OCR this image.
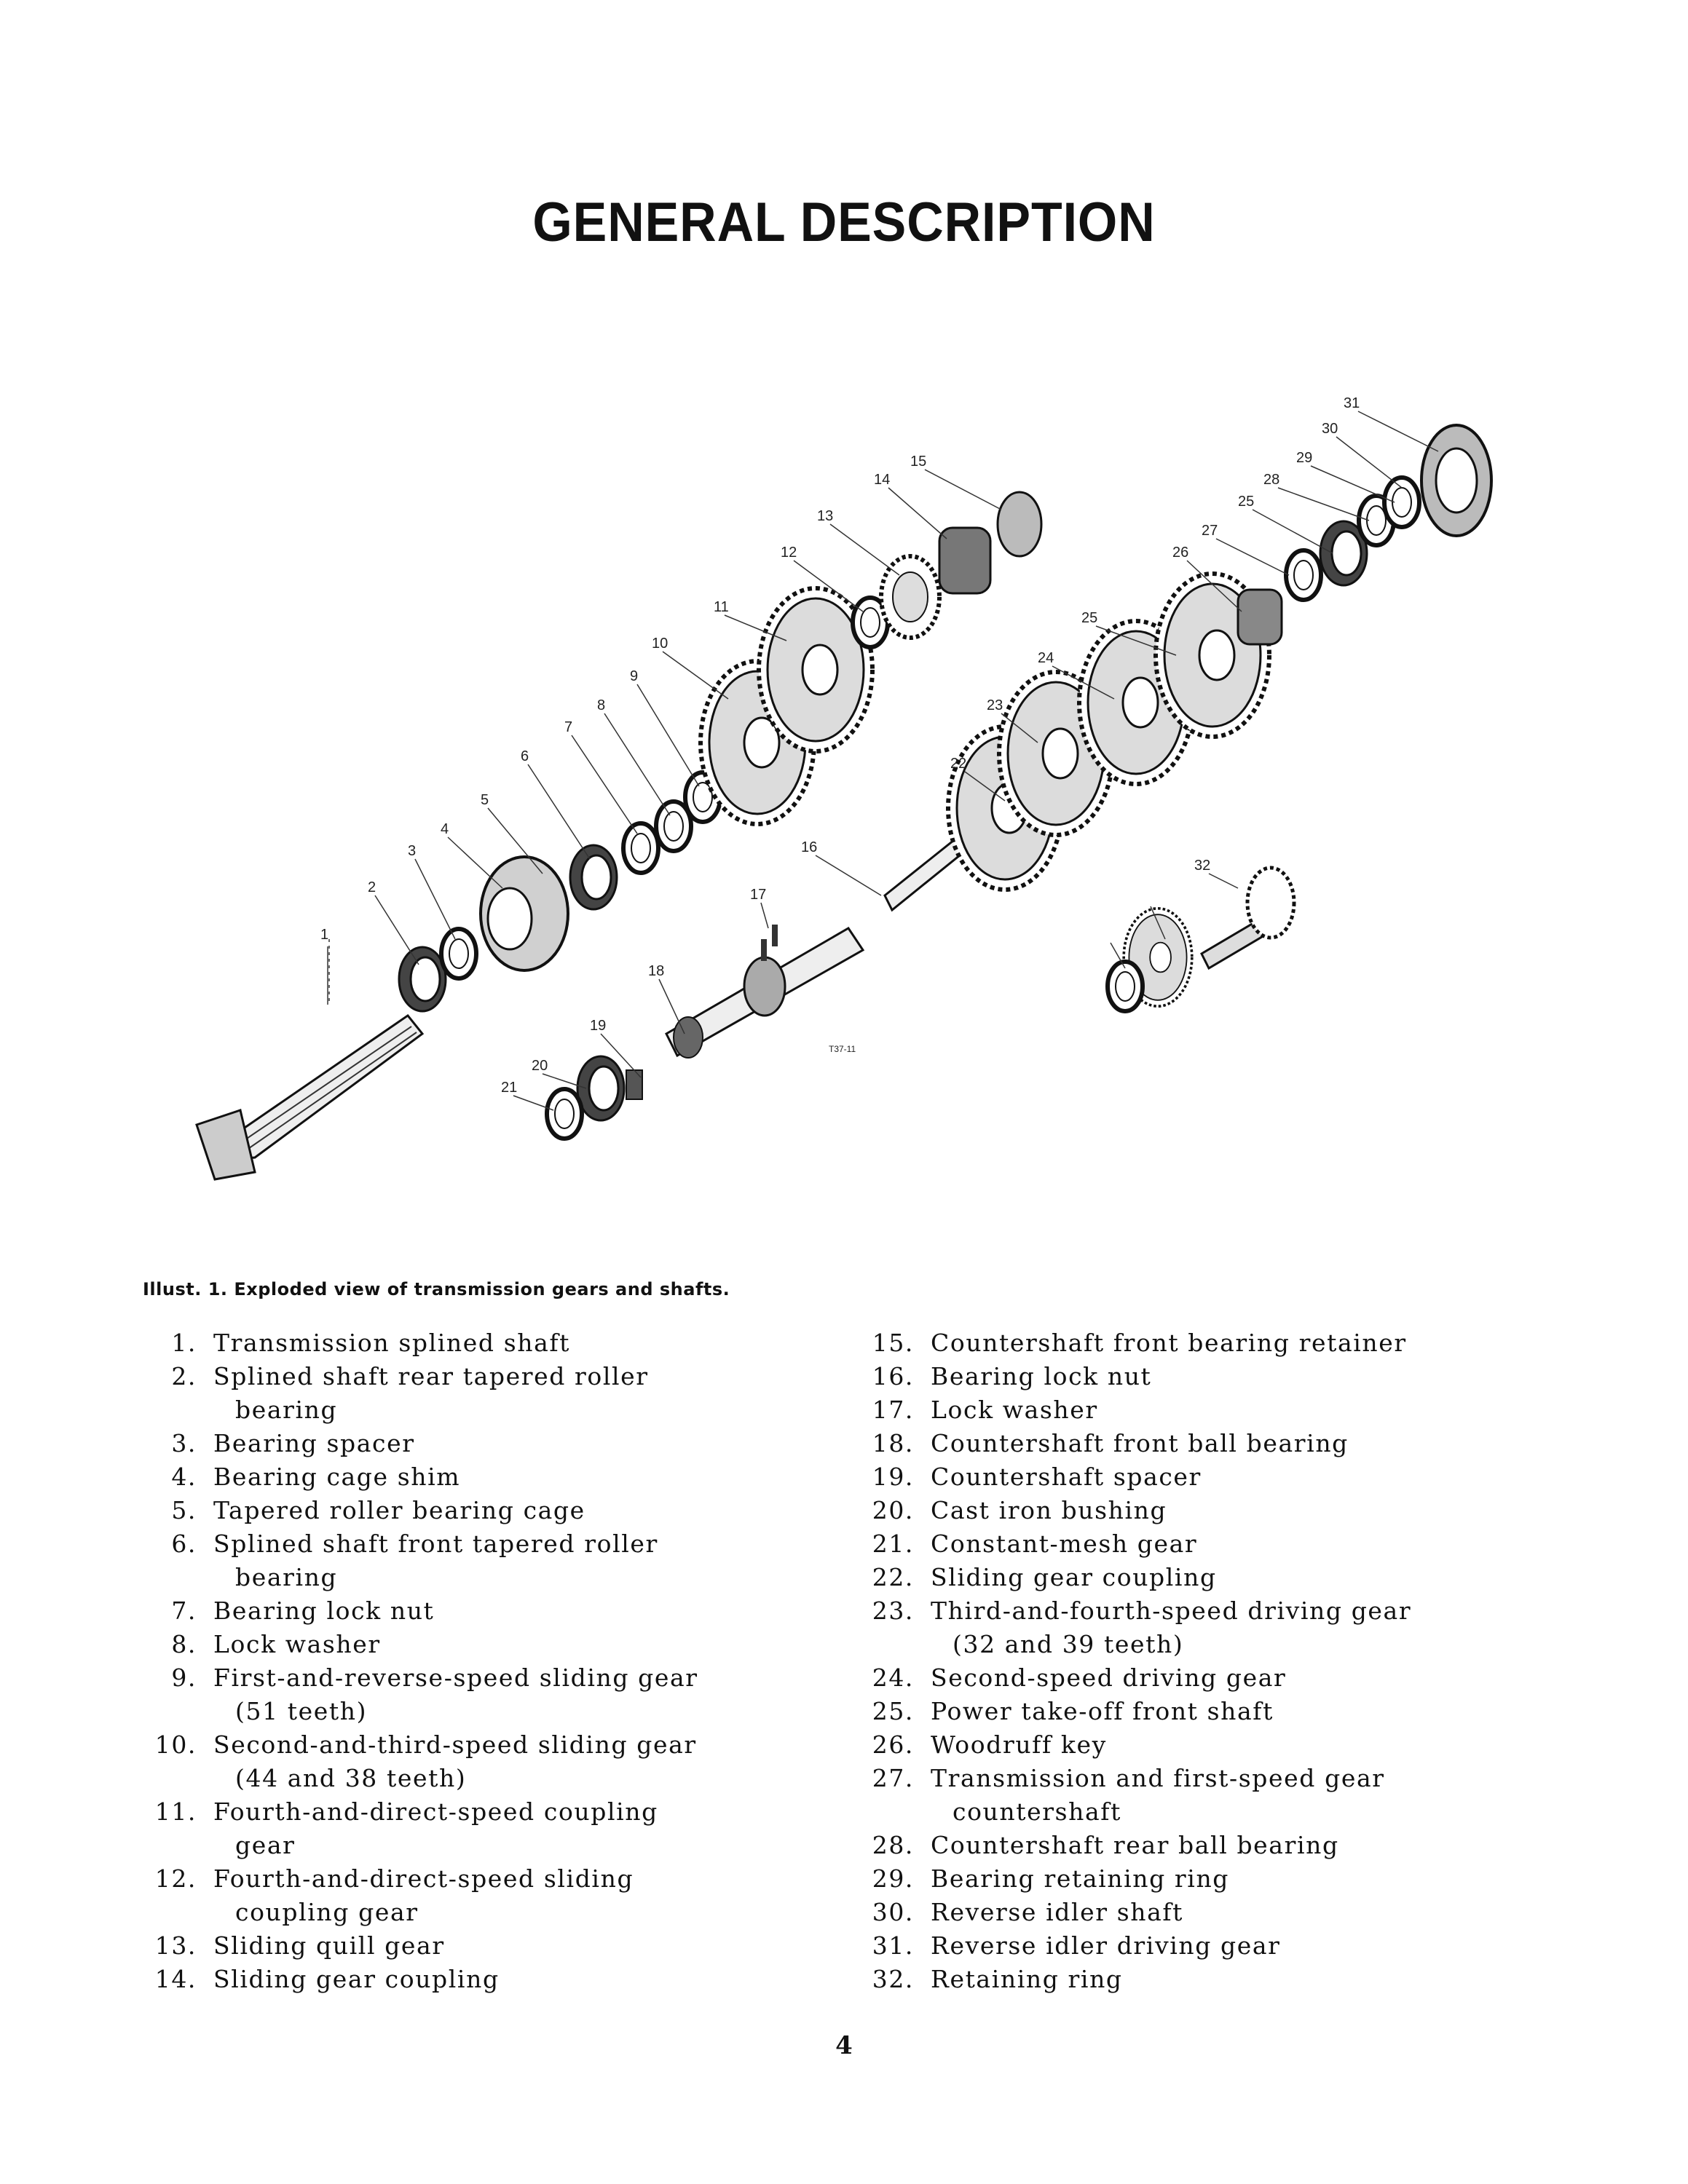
GENERAL DESCRIPTION
1
2
3
4
5
6
7
8
9
10
11
12
13
14
15
16
17
18
19
20
21
22
23
24
25
26
27
25
28
29
30
31
32
T37-11
Illust. 1. Exploded view of transmission gears and shafts.
1. Transmission splined shaft
2. Splined shaft rear tapered roller
bearing
3. Bearing spacer
4. Bearing cage shim
5. Tapered roller bearing cage
6. Splined shaft front tapered roller
bearing
7. Bearing lock nut
8. Lock washer
9. First-and-reverse-speed sliding gear
(51 teeth)
10. Second-and-third-speed sliding gear
(44 and 38 teeth)
11. Fourth-and-direct-speed coupling
gear
12. Fourth-and-direct-speed sliding
coupling gear
13. Sliding quill gear
14. Sliding gear coupling
15. Countershaft front bearing retainer
16. Bearing lock nut
17. Lock washer
18. Countershaft front ball bearing
19. Countershaft spacer
20. Cast iron bushing
21. Constant-mesh gear
22. Sliding gear coupling
23. Third-and-fourth-speed driving gear
(32 and 39 teeth)
24. Second-speed driving gear
25. Power take-off front shaft
26. Woodruff key
27. Transmission and first-speed gear
countershaft
28. Countershaft rear ball bearing
29. Bearing retaining ring
30. Reverse idler shaft
31. Reverse idler driving gear
32. Retaining ring
4
